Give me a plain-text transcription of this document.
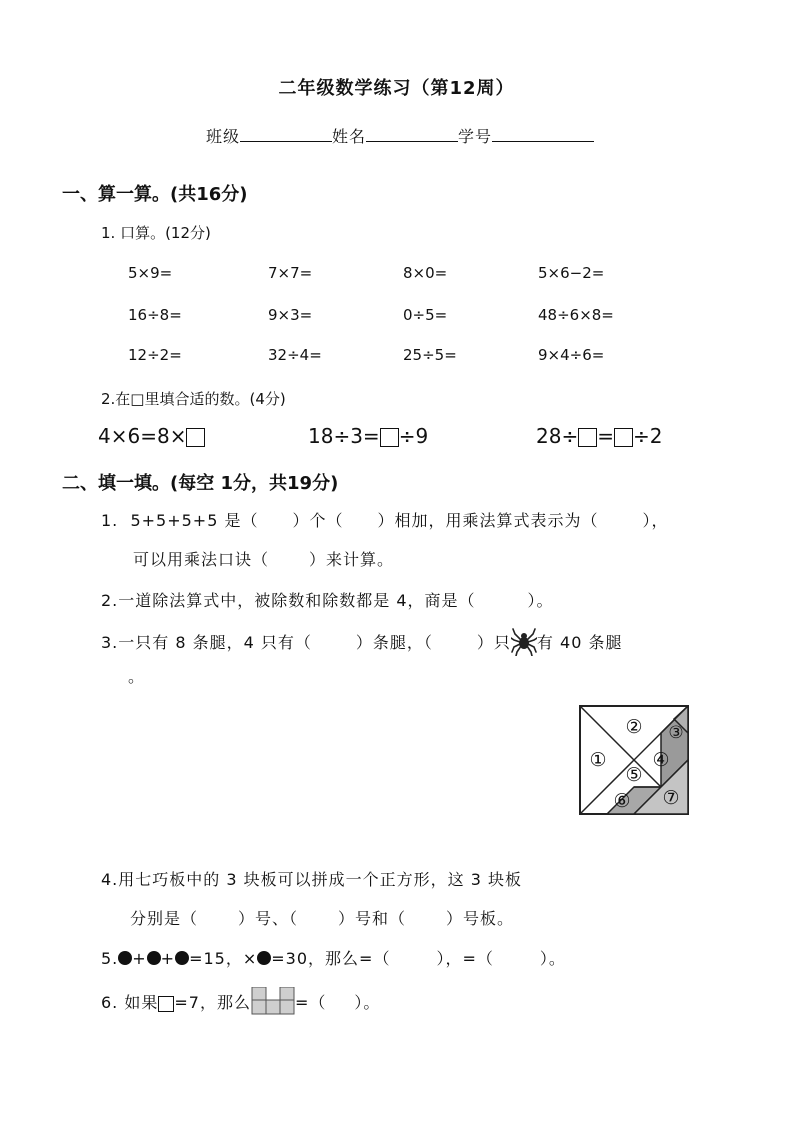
二年级数学练习（第12周）
班级	姓名	学号
一、算一算。(共16分)
1. 口算。(12分)
5×9=	7×7=	8×0=	5×6−2=
16÷8=	9×3=	0÷5=	48÷6×8=
12÷2=	32÷4=	25÷5=	9×4÷6=
2.在□里填合适的数。(4分)
4×6=8×	18÷3= ÷9	28÷ = ÷2
二、填一填。(每空 1分，共19分)
1. 5+5+5+5 是（ ）个（ ）相加，用乘法算式表示为（	），
可以用乘法口诀（	）来计算。
2.一道除法算式中，被除数和除数都是 4，商是（	）。
3.一只有 8 条腿，4 只有（	）条腿，（	）只 有 40 条腿
。
①
② ③
④
⑤
⑥ ⑦
4.用七巧板中的 3 块板可以拼成一个正方形，这 3 块板
分别是（	）号、（	）号和（	）号板。
5. + + =15，× =30，那么=（	），=（	）。
6. 如果 =7，那么	=（ ）。
